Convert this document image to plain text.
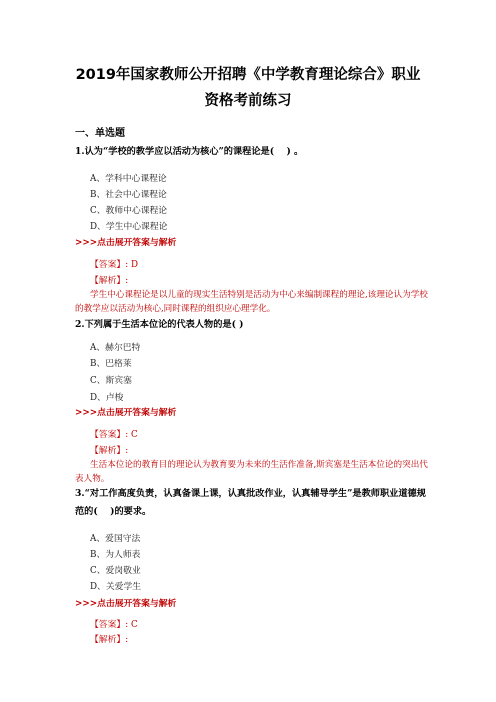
2019年国家教师公开招聘《中学教育理论综合》职业
资格考前练习
一、单选题
1.认为“学校的教学应以活动为核心”的课程论是(　 ) 。
A、学科中心课程论
B、社会中心课程论
C、教师中心课程论
D、学生中心课程论
>>>点击展开答案与解析
【答案】: D
【解析】:
学生中心课程论是以儿童的现实生活特别是活动为中心来编制课程的理论,该理论认为学校的教学应以活动为核心,同时课程的组织应心理学化。
2.下列属于生活本位论的代表人物的是( )
A、赫尔巴特
B、巴格莱
C、斯宾塞
D、卢梭
>>>点击展开答案与解析
【答案】: C
【解析】:
生活本位论的教育目的理论认为教育要为未来的生活作准备,斯宾塞是生活本位论的突出代表人物。
3.“对工作高度负责，认真备课上课，认真批改作业，认真辅导学生”是教师职业道德规范的(　 )的要求。
A、爱国守法
B、为人师表
C、爱岗敬业
D、关爱学生
>>>点击展开答案与解析
【答案】: C
【解析】:
